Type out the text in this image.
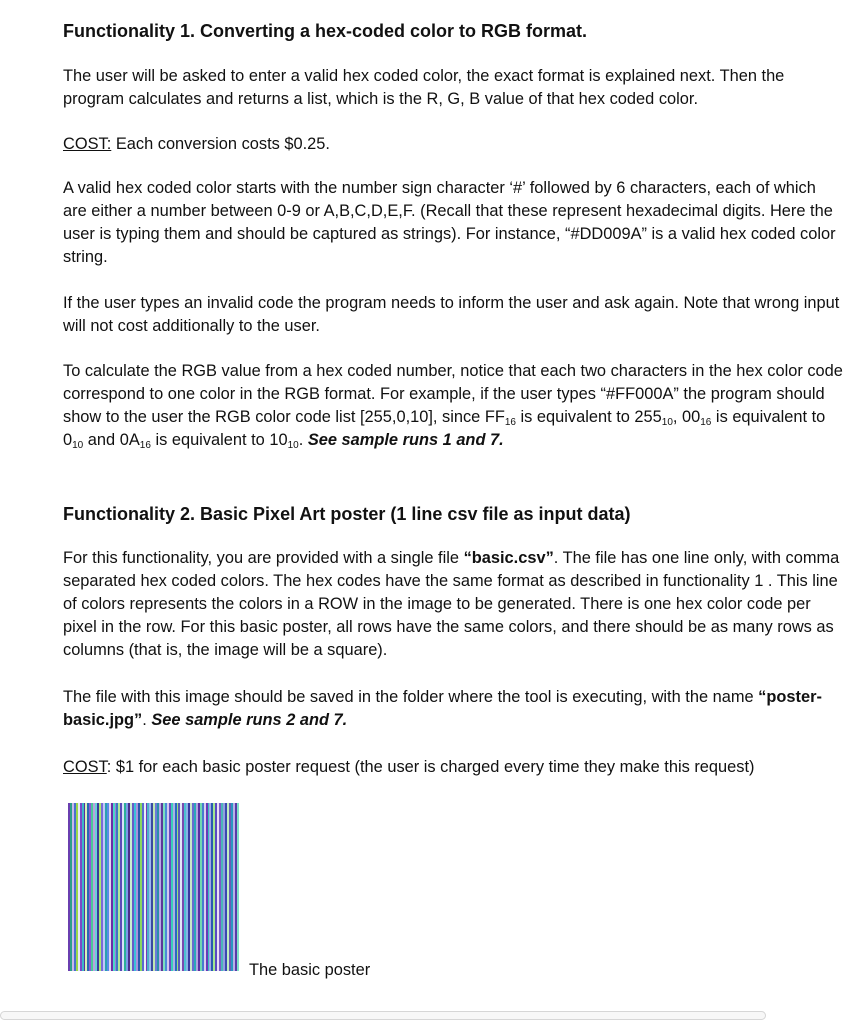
Functionality 1. Converting a hex-coded color to RGB format.

The user will be asked to enter a valid hex coded color, the exact format is explained next. Then the program calculates and returns a list, which is the R, G, B value of that hex coded color.

COST: Each conversion costs $0.25.

A valid hex coded color starts with the number sign character ‘#’ followed by 6 characters, each of which are either a number between 0-9 or A,B,C,D,E,F. (Recall that these represent hexadecimal digits. Here the user is typing them and should be captured as strings). For instance, “#DD009A” is a valid hex coded color string.

If the user types an invalid code the program needs to inform the user and ask again. Note that wrong input will not cost additionally to the user.

To calculate the RGB value from a hex coded number, notice that each two characters in the hex color code correspond to one color in the RGB format. For example, if the user types “#FF000A” the program should show to the user the RGB color code list [255,0,10], since $FF_{16}$ is equivalent to $255_{10}$, $00_{16}$ is equivalent to $0_{10}$ and $0A_{16}$ is equivalent to $10_{10}$. See sample runs 1 and 7.

Functionality 2. Basic Pixel Art poster (1 line csv file as input data)

For this functionality, you are provided with a single file “basic.csv”. The file has one line only, with comma separated hex coded colors. The hex codes have the same format as described in functionality 1 . This line of colors represents the colors in a ROW in the image to be generated. There is one hex color code per pixel in the row. For this basic poster, all rows have the same colors, and there should be as many rows as columns (that is, the image will be a square).

The file with this image should be saved in the folder where the tool is executing, with the name “poster-basic.jpg”. See sample runs 2 and 7.

COST: $1 for each basic poster request (the user is charged every time they make this request)

The basic poster
